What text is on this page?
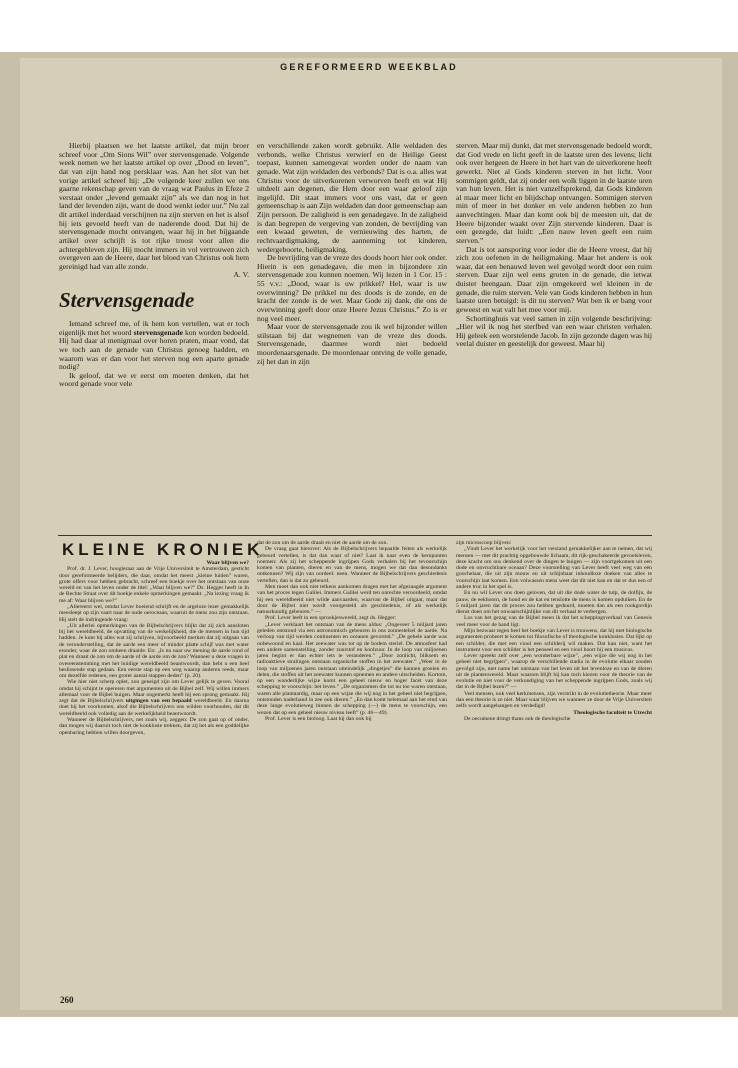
GEREFORMEERD WEEKBLAD

Hierbij plaatsen we het laatste artikel, dat mijn broer schreef voor „Om Sions Wil” over stervensgenade. Volgende week nemen we het laatste artikel op over „Dood en leven”, dat van zijn hand nog persklaar was. Aan het slot van het vorige artikel schreef hij: „De volgende keer zullen we ons gaarne rekenschap geven van de vraag wat Paulus in Efeze 2 verstaat onder „levend gemaakt zijn” als we dan nog in het land der levenden zijn, want de dood wenkt ieder uur.” Nu zal dit artikel inderdaad verschijnen na zijn sterven en het is alsof hij iets gevoeld heeft van de naderende dood. Dat hij de stervensgenade mocht ontvangen, waar hij in het bijgaande artikel over schrijft is tot rijke troost voor allen die achtergebleven zijn. Hij mocht immers in vol vertrouwen zich overgeven aan de Heere, daar het bloed van Christus ook hem gereinigd had van alle zonde.

A. V.
Stervensgenade

Iemand schreef me, of ik hem kon vertellen, wat er toch eigenlijk met het woord stervensgenade kon worden bedoeld. Hij had daar al menigmaal over horen praten, maar vond, dat we toch aan de genade van Christus genoeg hadden, en waarom was er dan voor het sterven nog een aparte genade nodig?

Ik geloof, dat we er eerst om moeten denken, dat het woord genade voor vele

en verschillende zaken wordt gebruikt. Alle weldaden des verbonds, welke Christus verwierf en de Heilige Geest toepast, kunnen samengevat worden onder de naam van genade. Wat zijn weldaden des verbonds? Dat is o.a. alles wat Christus voor de uitverkorenen verworven heeft en wat Hij uitdeelt aan degenen, die Hem door een waar geloof zijn ingelijfd. Dit staat immers voor ons vast, dat er geen gemeenschap is aan Zijn weldaden dan door gemeenschap aan Zijn persoon. De zaligheid is een genadegave. In de zaligheid is dan begrepen de vergeving van zonden, de bevrijding van een kwaad geweten, de vernieuwing des harten, de rechtvaardigmaking, de aanneming tot kinderen, wedergeboorte, heiligmaking.

De bevrijding van de vreze des doods hoort hier ook onder. Hierin is een genadegave, die men in bijzondere zin stervensgenade zou kunnen noemen. Wij lezen in 1 Cor. 15 : 55 v.v.: „Dood, waar is uw prikkel? Hel, waar is uw overwinning? De prikkel nu des doods is de zonde, en de kracht der zonde is de wet. Maar Gode zij dank, die ons de overwinning geeft door onze Heere Jezus Christus.” Zo is er nog veel meer.

Maar voor de stervensgenade zou ik wel bijzonder willen stilstaan bij dat wegnemen van de vreze des doods. Stervensgenade, daarmee wordt niet bedoeld moordenaarsgenade. De moordenaar ontving de volle genade, zij het dan in zijn

sterven. Maar mij dunkt, dat met stervensgenade bedoeld wordt, dat God vrede en licht geeft in de laatste uren des levens; licht ook over hetgeen de Heere in het hart van de uitverkorene heeft gewerkt. Niet al Gods kinderen sterven in het licht. Voor sommigen geldt, dat zij onder een wolk liggen in de laatste uren van hun leven. Het is niet vanzelfsprekend, dat Gods kinderen al maar meer licht en blijdschap ontvangen. Sommigen sterven min of meer in het donker en vele anderen hebben zo hun aanvechtingen. Maar dan komt ook bij de meesten uit, dat de Heere bijzonder waakt over Zijn stervende kinderen. Daar is een gezegde, dat luidt: „Een nauw leven geeft een ruim sterven.”

Dat is tot aansporing voor ieder die de Heere vreest, dat hij zich zou oefenen in de heiligmaking. Maar het andere is ook waar, dat een benauwd leven wel gevolgd wordt door een ruim sterven. Daar zijn wel eens groten in de genade, die ietwat duister heengaan. Daar zijn omgekeerd wel kleinen in de genade, die ruim sterven. Vele van Gods kinderen hebben in hun laatste uren betuigd: is dit nu sterven? Wat ben ik er bang voor geweest en wat valt het mee voor mij.

Schortinghuis vat veel samen in zijn volgende beschrijving: „Hier wil ik nog het sterfbed van een waar christen verhalen. Hij geleek een worstelende Jacob. In zijn gezonde dagen was hij veelal duister en geestelijk dor geweest. Maar hij

KLEINE KRONIEK

Waar blijven we?

Prof. dr. J. Lever, hoogleraar aan de Vrije Universiteit te Amsterdam, gesticht door gereformeerde belijders, die daar, omdat het meest „kleine luiden” waren, grote offers voor hebben gebracht, schreef een boekje over het ontstaan van onze wereld en van het leven onder de titel: „Waar blijven we?” Ds. Hegger heeft in In de Rechte Straat over dit boekje enkele opmerkingen gemaakt. „Na lezing vraag ik me af: Waar blijven we?”

„Allereerst wel, omdat Lever boeiend schrijft en de argeloze lezer gemakkelijk meesleept op zijn vaart naar de oude oeroceaan, waaruit de mens zou zijn ontstaan. Hij stelt de indringende vraag:

„Uit allerlei opmerkingen van de Bijbelschrijvers blijkt dat zij zich aansloten bij het wereldbeeld, de opvatting van de werkelijkheid, die de mensen in hun tijd hadden. Je kunt bij alles wat zij schrijven, bijvoorbeeld merken dat zij uitgaan van de veronderstelling, dat de aarde een meer of minder platte schijf was met water eronder, waar de zon omheen draaide. En: „Is nu naar uw mening de aarde rond of plat en draait de zon om de aarde of de aarde om de zon? Wanneer u deze vragen in overeenstemming met het huidige wereldbeeld beantwoordt, dan hebt u een heel beslissende stap gedaan. Een eerste stap op een weg waarop anderen reeds, maar om dezelfde redenen, een groter aantal stappen deden” (p. 20).

Wie hier niet scherp oplet, zou geneigd zijn om Lever gelijk te geven. Vooral omdat hij schijnt te opereren met argumenten uit de Bijbel zelf. Wij willen immers allemaal voor de Bijbel buigen. Maar ongemerkt heeft hij een sprong gemaakt. Hij zegt dat de Bijbelschrijvers uitgingen van een bepaald wereldbeeld. En daarna doet hij het voorkomen, alsof die Bijbelschrijvers ons wilden voorhouden, dat dit wereldbeeld ook volledig aan de werkelijkheid beantwoordt.

Wanneer de Bijbelschrijvers, net zoals wij, zeggen: De zon gaat op of onder, dan mogen wij daaruit toch niet de konklusie trekken, dat zij het als een goddelijke openbaring hebben willen doorgeven,

dat de zon om de aarde draait en niet de aarde om de zon.

De vraag gaat hierover: Als de Bijbelschrijvers bepaalde feiten als werkelijk gebeurd vertellen, is dat dan waar of niet? Laat ik naar even de kernpunten noemen: Als zij het scheppende ingrijpen Gods verhalen bij het tevoorschijn komen van planten, dieren en van de mens, mogen we dat dan desondanks ontkennen? Wij zijn van oordeel: neen. Wanneer de Bijbelschrijvers geschiedenis vertellen, dan is dat zo gebeurd.

Men moet dan ook niet telkens aankomen dragen met het afgezaagde argument van het proces tegen Galilei. Immers Galilei werd ten onrechte veroordeeld, omdat hij een wereldbeeld niet wilde aanvaarden, waarvan de Bijbel uitgaat, maar dat door de Bijbel niet wordt voorgesteld als geschiedenis, of als werkelijk natuurkundig gebeuren.” —

Prof. Lever leeft in een sprookjeswereld, zegt ds. Hegger:

„Lever verklaart het ontstaan van de mens aldus: „Ongeveer 5 miljard jaren geleden ontstond via een astronomisch gebeuren in ons zonnestelsel de aarde. Na verloop van tijd werden continenten en oceanen gevormd.” „De gehele aarde was onbewoond en kaal. Het zeewater was tot op de bodem steriel. De atmosfeer had een andere samenstelling, zonder zuurstof en koolzuur. In de loop van miljoenen jaren begint er dan echter iets te veranderen.” „Door zonlicht, bliksem en radioaktieve stralingen ontstaan organische stoffen in het zeewater.” „Weer in de loop van miljoenen jaren ontstaan uiteindelijk „dingetjes” die kunnen groeien en delen, die stoffen uit het zeewater kunnen opnemen en andere uitscheiden. Kortom, op een wonderlijke wijze komt een geheel nieuw en hoger facet van deze schepping te voorschijn: het leven.” „De organismen die tot nu toe waren ontstaan, waren alle plantaardig, maar op een wijze die wij nog in het geheel niet begrijpen, ontstonden naderhand in zee ook dieren.” „En dan komt helemaal aan het eind van deze lange evolutieweg binnen de schepping (—) de mens te voorschijn, een wezen dat op een geheel nieuw niveau leeft” (p. 46—49).

Prof. Lever is een bioloog. Laat hij dan ook bij

zijn microscoop blijven:

„Vindt Lever het werkelijk voor het verstand gemakkelijker aan te nemen, dat wij mensen — met dit prachtig opgebouwde lichaam, dit rijk-geschakeerde gevoelsleven, deze kracht om ons denkend over de dingen te buigen — zijn voortgekomen uit een dode en onvruchtbare oceaan? Deze voorstelling van Lever heeft veel weg van een goochelaar, die uit zijn mouw en uit schijnbaar inhoudloze doeken van alles te voorschijn laat komen. Een volwassen mens weet dat dit niet kan en dat er dus een of andere truc in het spel is.

En nu wil Lever ons doen geloven, dat uit die dode water de tulp, de dolfijn, de pauw, de eekhoorn, de hond en de kat en tenslotte de mens is komen opduiken. En de 5 miljard jaren dat dit proces zou hebben geduurd, moeten dan als een rookgordijn dienst doen om het onwaarschijnlijke van dit verhaal te verbergen.

Los van het gezag van de Bijbel meen ik dat het scheppingsverhaal van Genesis veel meer voor de hand ligt.

Mijn bezwaar tegen heel het boekje van Lever is trouwens, dat hij met biologische argumenten probeert te komen tot filosofische of theologische konklusies. Dat lijkt op een schilder, die met een viool een schilderij wil maken. Dat kan niet, want het instrument voor een schilder is het penseel en een viool hoort bij een musicus.

Lever spreekt zelf over „een wonderbare wijze”, „een wijze die wij nog in het geheel niet begrijpen”, waarop de verschillende stadia in de evolutie elkaar zouden gevolgd zijn, met name het ontstaan van het leven uit het levenloze en van de dieren uit de plantenwereld. Maar waarom blijft hij kan toch kiezen voor de theorie van de evolutie en niet voor de verkondiging van het scheppende ingrijpen Gods, zoals wij dat in de Bijbel lezen?” —

Veel mensen, ook veel kerkmensen, zijn verstrikt in de evolutietheorie. Maar meer dan een theorie is ze niet. Maar waar blijven we wanneer ze door de Vrije Universiteit zelfs wordt aangehangen en verdedigd!

Theologische faculteit te Utrecht

De oecumene dringt thans ook de theologische

260
